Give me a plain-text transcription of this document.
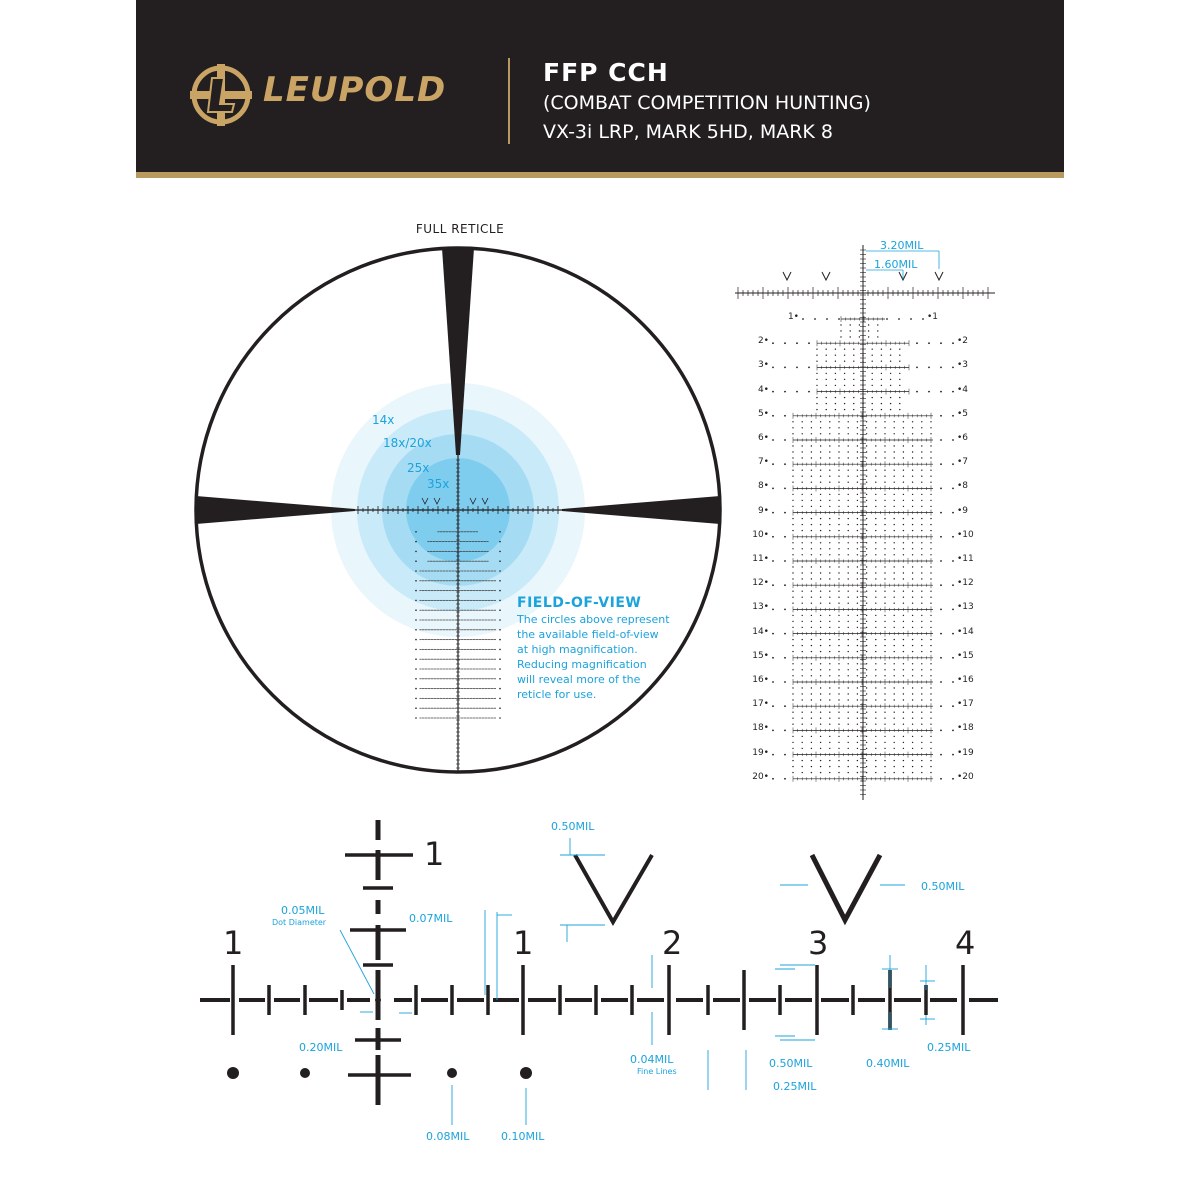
LEUPOLD	FFP CCH
(COMBAT COMPETITION HUNTING)
VX-3i LRP, MARK 5HD, MARK 8
FULL RETICLE
14x
18x/20x
25x
35x
FIELD-OF-VIEW
The circles above represent
the available field-of-view
at high magnification.
Reducing magnification
will reveal more of the
reticle for use.
3.20MIL
1.60MIL
1•	•1
2•	•2
3•	•3
4•	•4
5•	•5
6•	•6
7•	•7
8•	•8
9•	•9
10•	•10
11•	•11
12•	•12
13•	•13
14•	•14
15•	•15
16•	•16
17•	•17
18•	•18
19•	•19
20•	•20
1
1	1	2	3	4
0.05MIL
Dot Diameter	0.07MIL
0.50MIL
0.50MIL
0.20MIL
0.04MIL
Fine Lines
0.50MIL
0.25MIL
0.40MIL
0.25MIL
0.08MIL	0.10MIL
